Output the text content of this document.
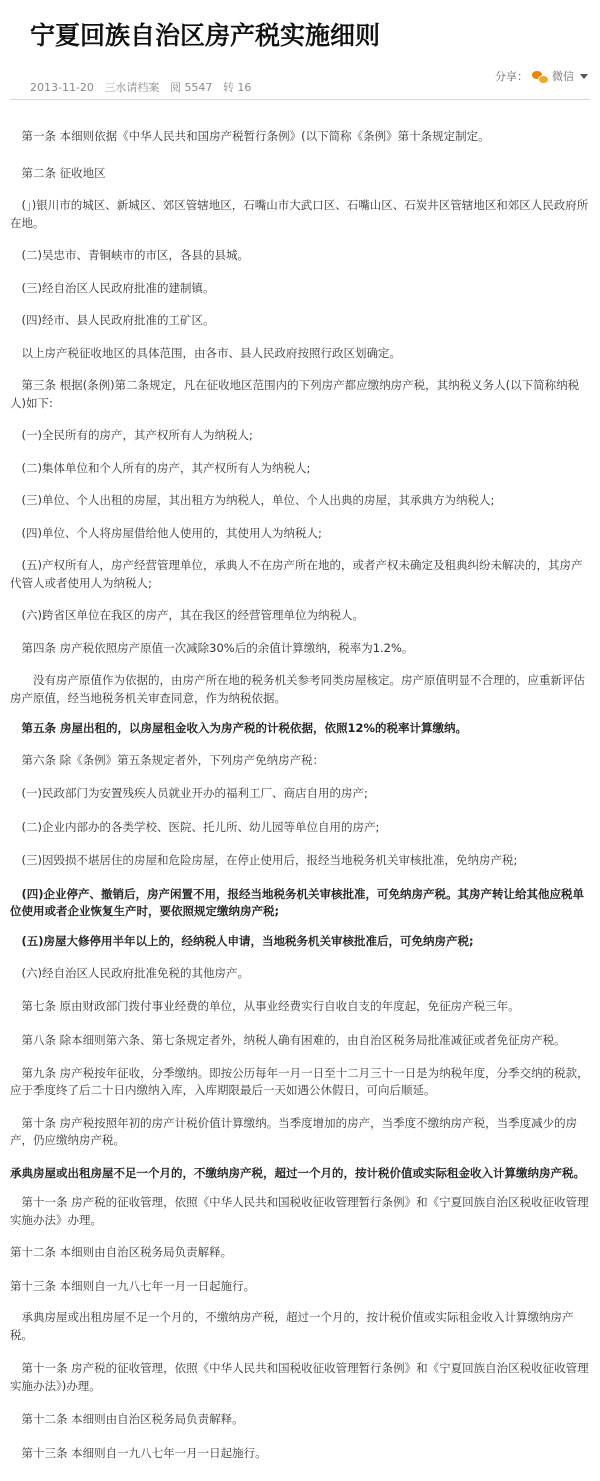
宁夏回族自治区房产税实施细则
2013-11-20 三水请档案 阅 5547 转 16
分享： 微信

　第一条 本细则依据《中华人民共和国房产税暂行条例》(以下简称《条例》第十条规定制定。

　第二条 征收地区

　(」)银川市的城区、新城区、郊区管辖地区，石嘴山市大武口区、石嘴山区、石炭井区管辖地区和郊区人民政府所在地。

　(二)吴忠市、青铜峡市的市区，各县的县城。

　(三)经自治区人民政府批准的建制镇。

　(四)经市、县人民政府批准的工矿区。

　以上房产税征收地区的具体范围，由各市、县人民政府按照行政区划确定。

　第三条 根据(条例)第二条规定，凡在征收地区范围内的下列房产都应缴纳房产税，其纳税义务人(以下简称纳税人)如下:

　(一)全民所有的房产，其产权所有人为纳税人;

　(二)集体单位和个人所有的房产，其产权所有人为纳税人;

　(三)单位、个人出租的房屋，其出租方为纳税人，单位、个人出典的房屋，其承典方为纳税人;

　(四)单位、个人将房屋借给他人使用的，其使用人为纳税人;

　(五)产权所有人，房产经营管理单位，承典人不在房产所在地的，或者产权未确定及租典纠纷未解决的，其房产代管人或者使用人为纳税人;

　(六)跨省区单位在我区的房产，其在我区的经营管理单位为纳税人。

　第四条 房产税依照房产原值一次减除30%后的余值计算缴纳，税率为1.2%。

　　没有房产原值作为依据的，由房产所在地的税务机关参考同类房屋核定。房产原值明显不合理的，应重新评估房产原值，经当地税务机关审查同意，作为纳税依据。

　第五条 房屋出租的，以房屋租金收入为房产税的计税依据，依照12%的税率计算缴纳。

　第六条 除《条例》第五条规定者外，下列房产免纳房产税：

　(一)民政部门为安置残疾人员就业开办的福利工厂、商店自用的房产;

　(二)企业内部办的各类学校、医院、托儿所、幼儿园等单位自用的房产;

　(三)因毁损不堪居住的房屋和危险房屋，在停止使用后，报经当地税务机关审核批准，免纳房产税;

　(四)企业停产、撤销后，房产闲置不用，报经当地税务机关审核批准，可免纳房产税。其房产转让给其他应税单位使用或者企业恢复生产时，要依照规定缴纳房产税;

　(五)房屋大修停用半年以上的，经纳税人申请，当地税务机关审核批准后，可免纳房产税;

　(六)经自治区人民政府批准免税的其他房产。

　第七条 原由财政部门拨付事业经费的单位，从事业经费实行自收自支的年度起，免征房产税三年。

　第八条 除本细则第六条、第七条规定者外，纳税人确有困难的，由自治区税务局批准减征或者免征房产税。

　第九条 房产税按年征收，分季缴纳。即按公历每年一月一日至十二月三十一日是为纳税年度，分季交纳的税款，应于季度终了后二十日内缴纳入库，入库期限最后一天如遇公休假日，可向后顺延。

　第十条 房产税按照年初的房产计税价值计算缴纳。当季度增加的房产，当季度不缴纳房产税，当季度减少的房产，仍应缴纳房产税。

承典房屋或出租房屋不足一个月的，不缴纳房产税，超过一个月的，按计税价值或实际租金收入计算缴纳房产税。

　第十一条 房产税的征收管理，依照《中华人民共和国税收征收管理暂行条例》和《宁夏回族自治区税收征收管理实施办法》办理。

第十二条 本细则由自治区税务局负责解释。

第十三条 本细则自一九八七年一月一日起施行。

　承典房屋或出租房屋不足一个月的，不缴纳房产税，超过一个月的，按计税价值或实际租金收入计算缴纳房产税。

　第十一条 房产税的征收管理，依照《中华人民共和国税收征收管理暂行条例》和《宁夏回族自治区税收征收管理实施办法》)办理。

　第十二条 本细则由自治区税务局负责解释。

　第十三条 本细则自一九八七年一月一日起施行。
